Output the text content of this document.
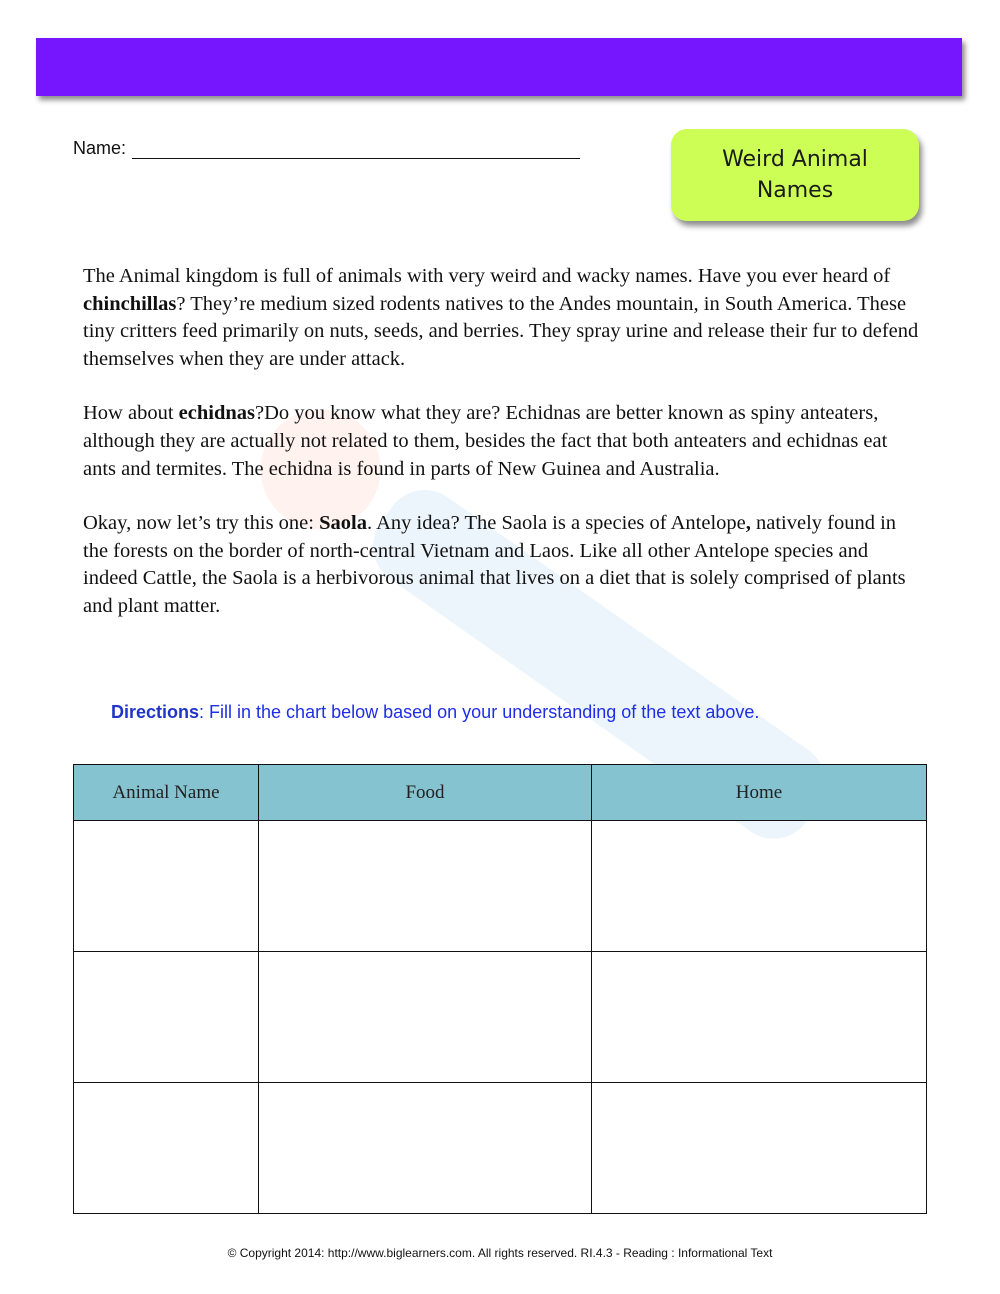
Name:	Weird Animal Names

The Animal kingdom is full of animals with very weird and wacky names. Have you ever heard of chinchillas? They’re medium sized rodents natives to the Andes mountain, in South America. These tiny critters feed primarily on nuts, seeds, and berries. They spray urine and release their fur to defend themselves when they are under attack.

How about echidnas?Do you know what they are? Echidnas are better known as spiny anteaters, although they are actually not related to them, besides the fact that both anteaters and echidnas eat ants and termites. The echidna is found in parts of New Guinea and Australia.

Okay, now let’s try this one: Saola. Any idea? The Saola is a species of Antelope, natively found in the forests on the border of north-central Vietnam and Laos. Like all other Antelope species and indeed Cattle, the Saola is a herbivorous animal that lives on a diet that is solely comprised of plants and plant matter.

Directions: Fill in the chart below based on your understanding of the text above.
Animal Name	Food	Home

© Copyright 2014: http://www.biglearners.com. All rights reserved. RI.4.3 - Reading : Informational Text
